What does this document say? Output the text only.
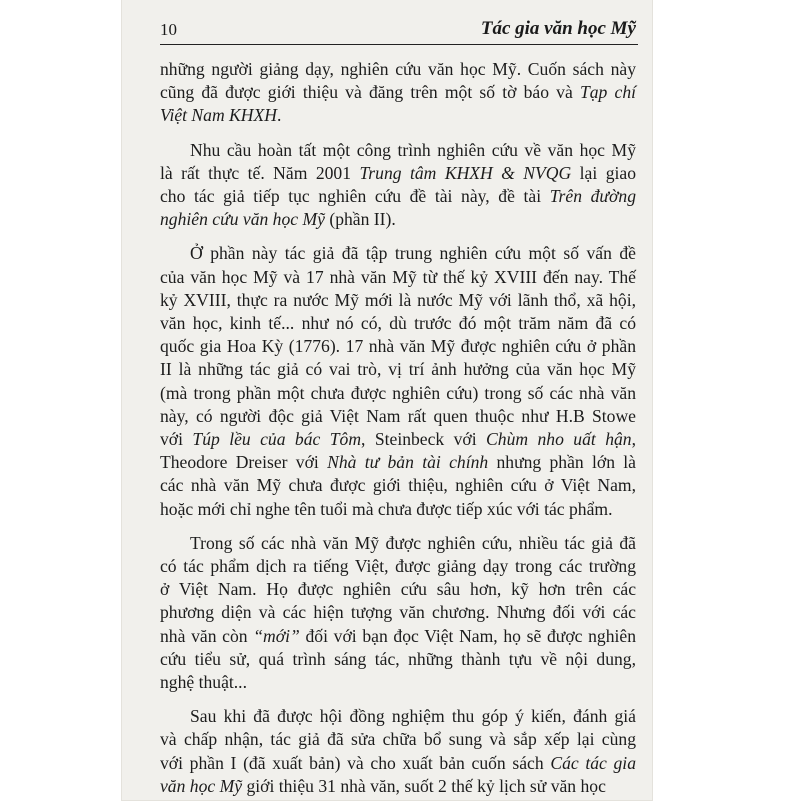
10	Tác gia văn học Mỹ
những người giảng dạy, nghiên cứu văn học Mỹ. Cuốn sách này
cũng đã được giới thiệu và đăng trên một số tờ báo và Tạp chí
Việt Nam KHXH.
Nhu cầu hoàn tất một công trình nghiên cứu về văn học Mỹ
là rất thực tế. Năm 2001 Trung tâm KHXH & NVQG lại giao
cho tác giả tiếp tục nghiên cứu đề tài này, đề tài Trên đường
nghiên cứu văn học Mỹ (phần II).
Ở phần này tác giả đã tập trung nghiên cứu một số vấn đề
của văn học Mỹ và 17 nhà văn Mỹ từ thế kỷ XVIII đến nay. Thế
kỷ XVIII, thực ra nước Mỹ mới là nước Mỹ với lãnh thổ, xã hội,
văn học, kinh tế... như nó có, dù trước đó một trăm năm đã có
quốc gia Hoa Kỳ (1776). 17 nhà văn Mỹ được nghiên cứu ở phần
II là những tác giả có vai trò, vị trí ảnh hưởng của văn học Mỹ
(mà trong phần một chưa được nghiên cứu) trong số các nhà văn
này, có người độc giả Việt Nam rất quen thuộc như H.B Stowe
với Túp lều của bác Tôm, Steinbeck với Chùm nho uất hận,
Theodore Dreiser với Nhà tư bản tài chính nhưng phần lớn là
các nhà văn Mỹ chưa được giới thiệu, nghiên cứu ở Việt Nam,
hoặc mới chỉ nghe tên tuổi mà chưa được tiếp xúc với tác phẩm.
Trong số các nhà văn Mỹ được nghiên cứu, nhiều tác giả đã
có tác phẩm dịch ra tiếng Việt, được giảng dạy trong các trường
ở Việt Nam. Họ được nghiên cứu sâu hơn, kỹ hơn trên các
phương diện và các hiện tượng văn chương. Nhưng đối với các
nhà văn còn “mới” đối với bạn đọc Việt Nam, họ sẽ được nghiên
cứu tiểu sử, quá trình sáng tác, những thành tựu về nội dung,
nghệ thuật...
Sau khi đã được hội đồng nghiệm thu góp ý kiến, đánh giá
và chấp nhận, tác giả đã sửa chữa bổ sung và sắp xếp lại cùng
với phần I (đã xuất bản) và cho xuất bản cuốn sách Các tác gia
văn học Mỹ giới thiệu 31 nhà văn, suốt 2 thế kỷ lịch sử văn học
